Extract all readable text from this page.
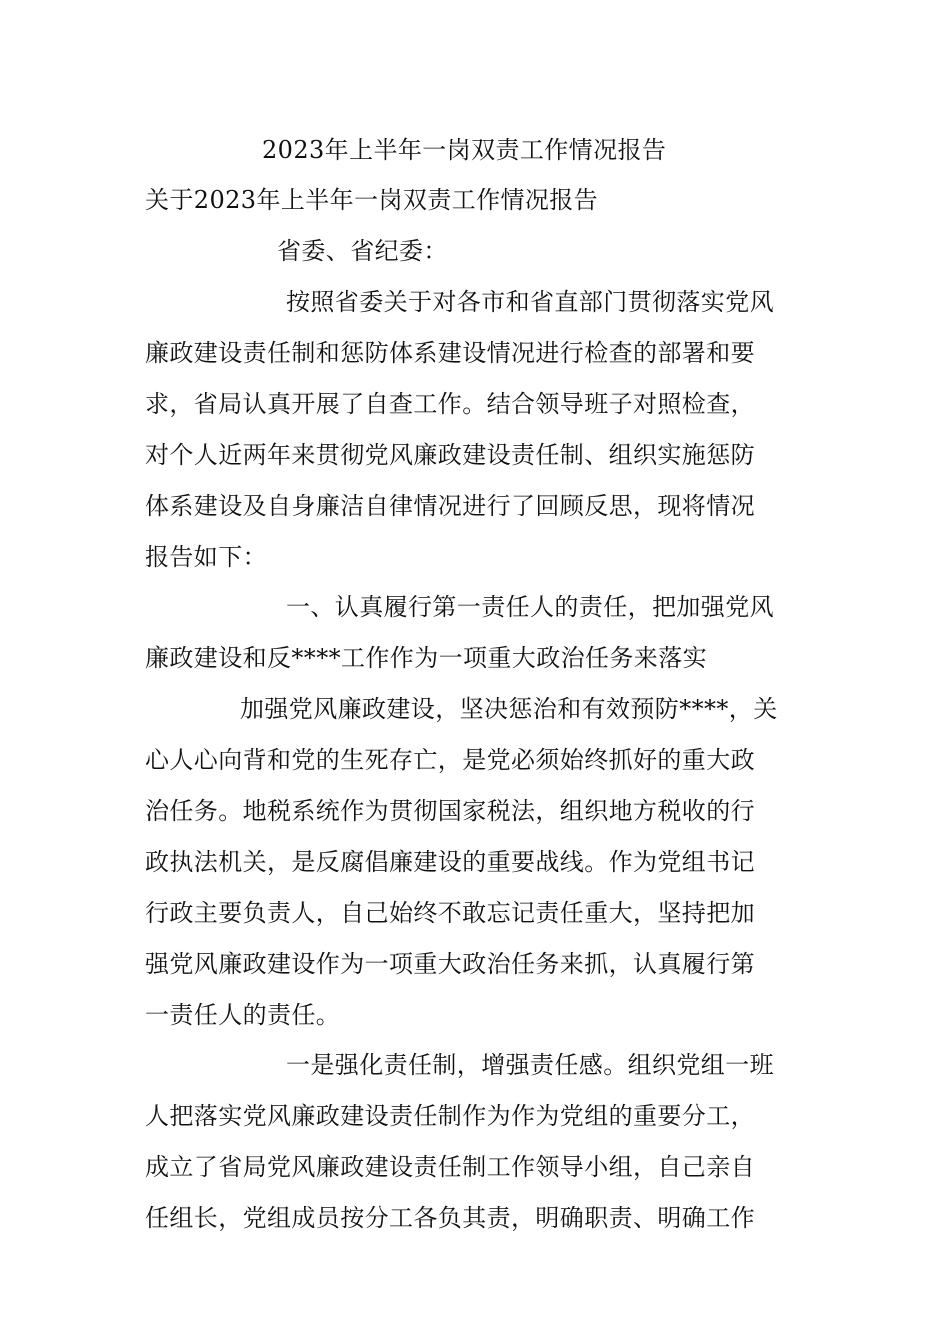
2023年上半年一岗双责工作情况报告
关于2023年上半年一岗双责工作情况报告
省委、省纪委：
按照省委关于对各市和省直部门贯彻落实党风
廉政建设责任制和惩防体系建设情况进行检查的部署和要
求，省局认真开展了自查工作。结合领导班子对照检查，
对个人近两年来贯彻党风廉政建设责任制、组织实施惩防
体系建设及自身廉洁自律情况进行了回顾反思，现将情况
报告如下：
一、认真履行第一责任人的责任，把加强党风
廉政建设和反****工作作为一项重大政治任务来落实
加强党风廉政建设，坚决惩治和有效预防****，关
心人心向背和党的生死存亡，是党必须始终抓好的重大政
治任务。地税系统作为贯彻国家税法，组织地方税收的行
政执法机关，是反腐倡廉建设的重要战线。作为党组书记
行政主要负责人，自己始终不敢忘记责任重大，坚持把加
强党风廉政建设作为一项重大政治任务来抓，认真履行第
一责任人的责任。
一是强化责任制，增强责任感。组织党组一班
人把落实党风廉政建设责任制作为作为党组的重要分工，
成立了省局党风廉政建设责任制工作领导小组，自己亲自
任组长，党组成员按分工各负其责，明确职责、明确工作
